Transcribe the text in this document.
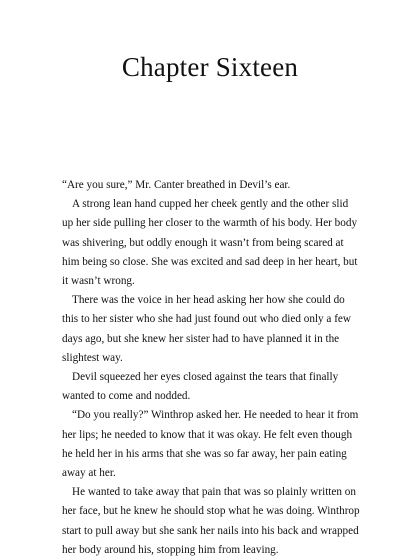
Chapter Sixteen

“Are you sure,” Mr. Canter breathed in Devil’s ear.

A strong lean hand cupped her cheek gently and the other slid up her side pulling her closer to the warmth of his body. Her body was shivering, but oddly enough it wasn’t from being scared at him being so close. She was excited and sad deep in her heart, but it wasn’t wrong.

There was the voice in her head asking her how she could do this to her sister who she had just found out who died only a few days ago, but she knew her sister had to have planned it in the slightest way.

Devil squeezed her eyes closed against the tears that finally wanted to come and nodded.

“Do you really?” Winthrop asked her. He needed to hear it from her lips; he needed to know that it was okay. He felt even though he held her in his arms that she was so far away, her pain eating away at her.

He wanted to take away that pain that was so plainly written on her face, but he knew he should stop what he was doing. Winthrop start to pull away but she sank her nails into his back and wrapped her body around his, stopping him from leaving.
